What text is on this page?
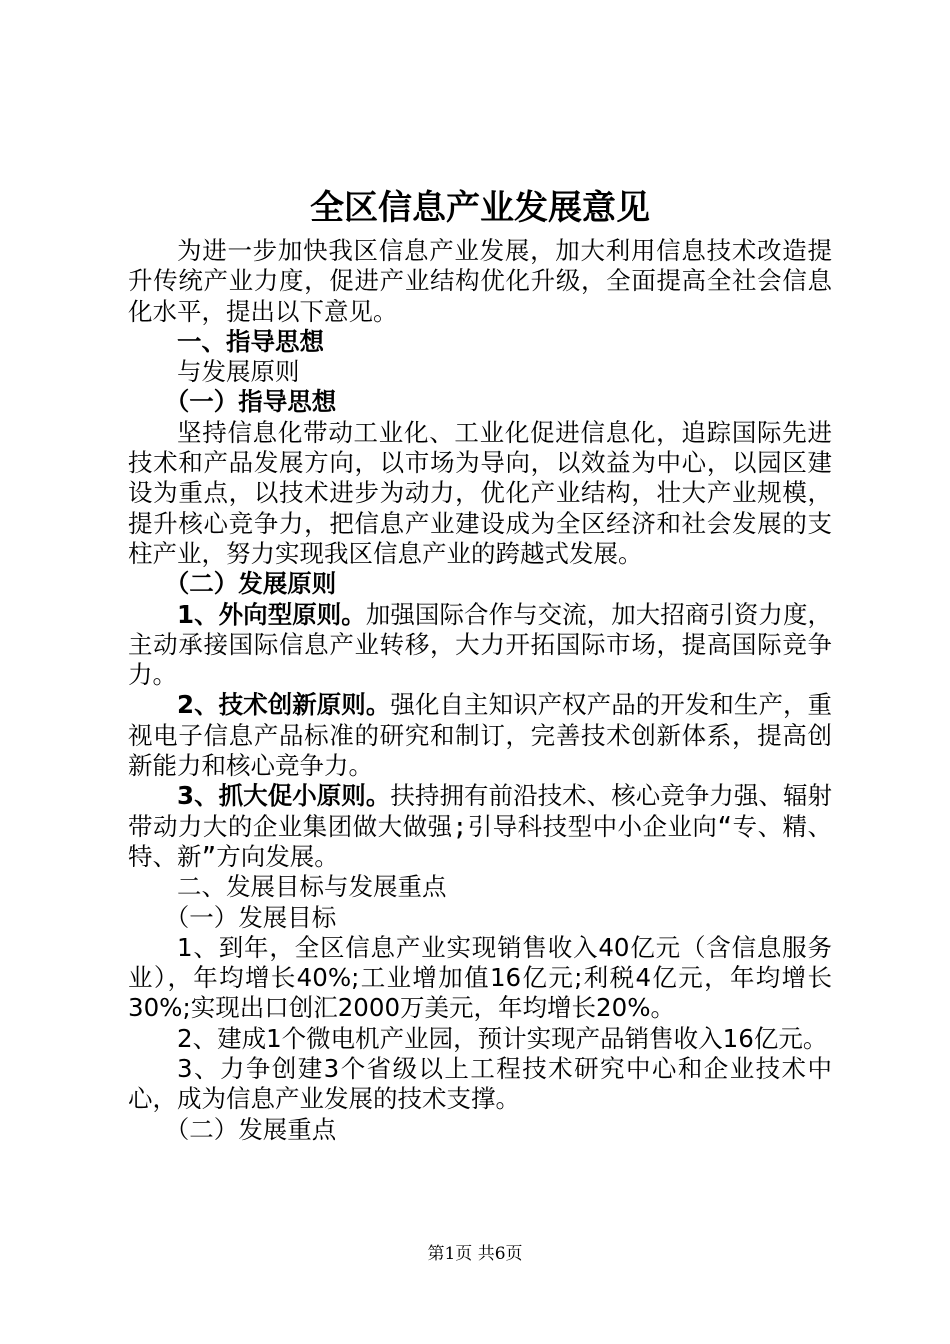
全区信息产业发展意见

为进一步加快我区信息产业发展，加大利用信息技术改造提升传统产业力度，促进产业结构优化升级，全面提高全社会信息化水平，提出以下意见。

一、指导思想

与发展原则

（一）指导思想

坚持信息化带动工业化、工业化促进信息化，追踪国际先进技术和产品发展方向，以市场为导向，以效益为中心，以园区建设为重点，以技术进步为动力，优化产业结构，壮大产业规模，提升核心竞争力，把信息产业建设成为全区经济和社会发展的支柱产业，努力实现我区信息产业的跨越式发展。

（二）发展原则

1、外向型原则。加强国际合作与交流，加大招商引资力度，主动承接国际信息产业转移，大力开拓国际市场，提高国际竞争力。

2、技术创新原则。强化自主知识产权产品的开发和生产，重视电子信息产品标准的研究和制订，完善技术创新体系，提高创新能力和核心竞争力。

3、抓大促小原则。扶持拥有前沿技术、核心竞争力强、辐射带动力大的企业集团做大做强;引导科技型中小企业向“专、精、特、新”方向发展。

二、发展目标与发展重点

（一）发展目标

1、到年，全区信息产业实现销售收入40亿元（含信息服务业），年均增长40%;工业增加值16亿元;利税4亿元，年均增长30%;实现出口创汇2000万美元，年均增长20%。

2、建成1个微电机产业园，预计实现产品销售收入16亿元。

3、力争创建3个省级以上工程技术研究中心和企业技术中心，成为信息产业发展的技术支撑。

（二）发展重点

第1页 共6页
